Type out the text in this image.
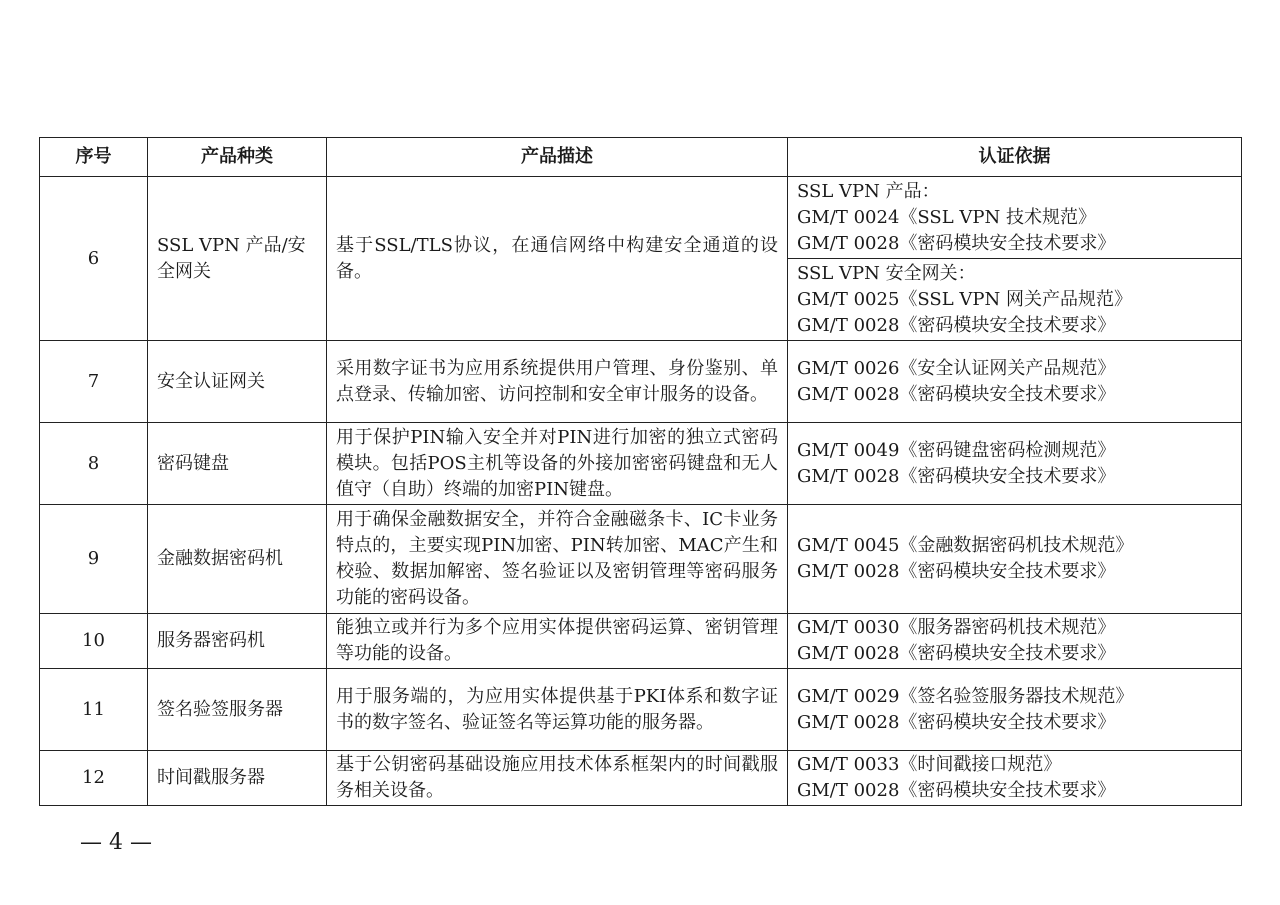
序号	产品种类	产品描述	认证依据
6	SSL VPN 产品/安全网关	基于SSL/TLS协议，在通信网络中构建安全通道的设备。	SSL VPN 产品：
GM/T 0024《SSL VPN 技术规范》
GM/T 0028《密码模块安全技术要求》

			SSL VPN 安全网关：
GM/T 0025《SSL VPN 网关产品规范》
GM/T 0028《密码模块安全技术要求》

7	安全认证网关	采用数字证书为应用系统提供用户管理、身份鉴别、单点登录、传输加密、访问控制和安全审计服务的设备。	GM/T 0026《安全认证网关产品规范》
GM/T 0028《密码模块安全技术要求》

8	密码键盘	用于保护PIN输入安全并对PIN进行加密的独立式密码模块。包括POS主机等设备的外接加密密码键盘和无人值守（自助）终端的加密PIN键盘。	GM/T 0049《密码键盘密码检测规范》
GM/T 0028《密码模块安全技术要求》

9	金融数据密码机	用于确保金融数据安全，并符合金融磁条卡、IC卡业务特点的，主要实现PIN加密、PIN转加密、MAC产生和校验、数据加解密、签名验证以及密钥管理等密码服务功能的密码设备。	GM/T 0045《金融数据密码机技术规范》
GM/T 0028《密码模块安全技术要求》

10	服务器密码机	能独立或并行为多个应用实体提供密码运算、密钥管理等功能的设备。	GM/T 0030《服务器密码机技术规范》
GM/T 0028《密码模块安全技术要求》

11	签名验签服务器	用于服务端的，为应用实体提供基于PKI体系和数字证书的数字签名、验证签名等运算功能的服务器。	GM/T 0029《签名验签服务器技术规范》
GM/T 0028《密码模块安全技术要求》

12	时间戳服务器	基于公钥密码基础设施应用技术体系框架内的时间戳服务相关设备。	GM/T 0033《时间戳接口规范》
GM/T 0028《密码模块安全技术要求》
— 4 —
